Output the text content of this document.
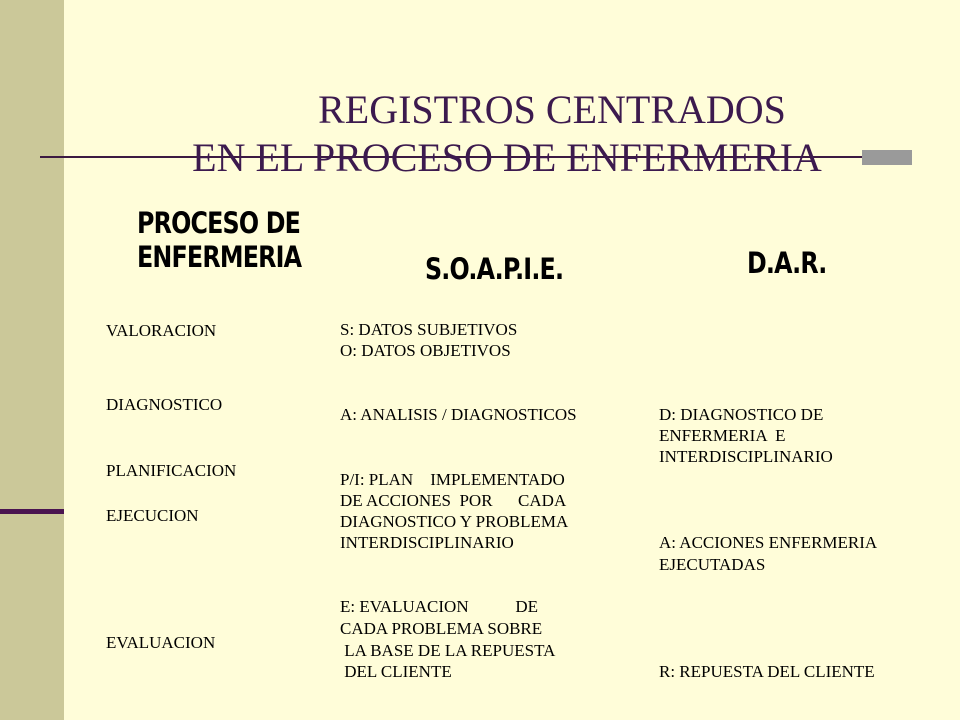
REGISTROS CENTRADOS
EN EL PROCESO DE ENFERMERIA
PROCESO DE
ENFERMERIA	S.O.A.P.I.E.	D.A.R.
VALORACION
DIAGNOSTICO
PLANIFICACION
EJECUCION
EVALUACION
S: DATOS SUBJETIVOS
O: DATOS OBJETIVOS
A: ANALISIS / DIAGNOSTICOS
P/I: PLAN    IMPLEMENTADO
DE ACCIONES  POR      CADA
DIAGNOSTICO Y PROBLEMA
INTERDISCIPLINARIO
E: EVALUACION           DE
CADA PROBLEMA SOBRE
LA BASE DE LA REPUESTA
DEL CLIENTE
D: DIAGNOSTICO DE
ENFERMERIA  E
INTERDISCIPLINARIO
A: ACCIONES ENFERMERIA
EJECUTADAS
R: REPUESTA DEL CLIENTE
